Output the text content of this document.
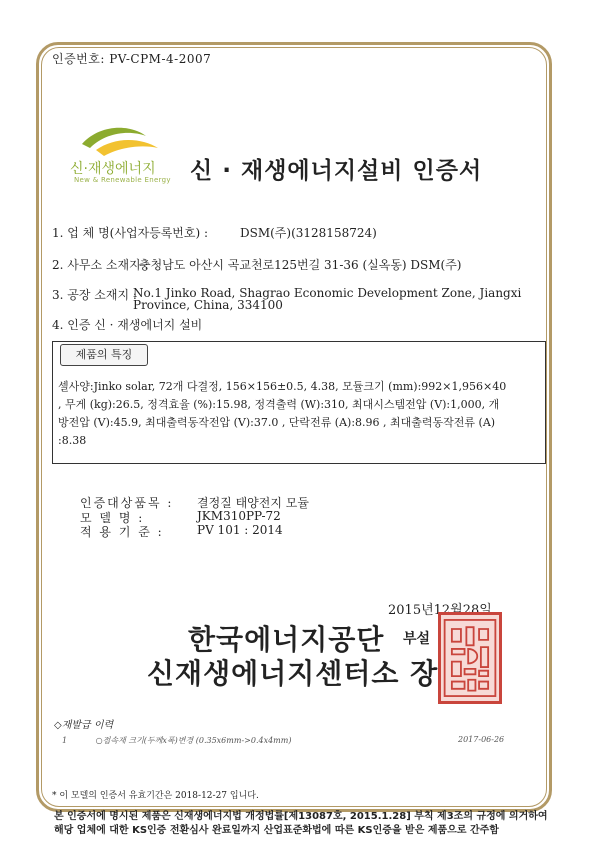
인증번호: PV-CPM-4-2007
신·재생에너지
New & Renewable Energy 신 · 재생에너지설비 인증서
1. 업 체 명(사업자등록번호) :	DSM(주)(3128158724)
2. 사무소 소재지 :
충청남도 아산시 곡교천로125번길 31-36 (실옥동) DSM(주)
3. 공장 소재지 :
No.1 Jinko Road, Shagrao Economic Development Zone, Jiangxi
Province, China, 334100
4. 인증 신 · 재생에너지 설비
제품의 특징
셀사양:Jinko solar, 72개 다결정, 156×156±0.5, 4.38, 모듈크기 (mm):992×1,956×40
, 무게 (kg):26.5, 정격효율 (%):15.98, 정격출력 (W):310, 최대시스템전압 (V):1,000, 개
방전압 (V):45.9, 최대출력동작전압 (V):37.0 , 단락전류 (A):8.96 , 최대출력동작전류 (A)
:8.38
인증대상품목 : 결정질 태양전지 모듈
모 델 명 :	JKM310PP-72
적 용 기 준 :	PV 101 : 2014
2015년12월28일
한국에너지공단 부설
신재생에너지센터소 장
◇재발급 이력
1	○접속재 크기(두께x폭)변경 (0.35x6mm->0.4x4mm)	2017-06-26
* 이 모델의 인증서 유효기간은 2018-12-27 입니다.
본 인증서에 명시된 제품은 신재생에너지법 개정법률[제13087호, 2015.1.28] 부칙 제3조의 규정에 의거하여
해당 업체에 대한 KS인증 전환심사 완료일까지 산업표준화법에 따른 KS인증을 받은 제품으로 간주함
